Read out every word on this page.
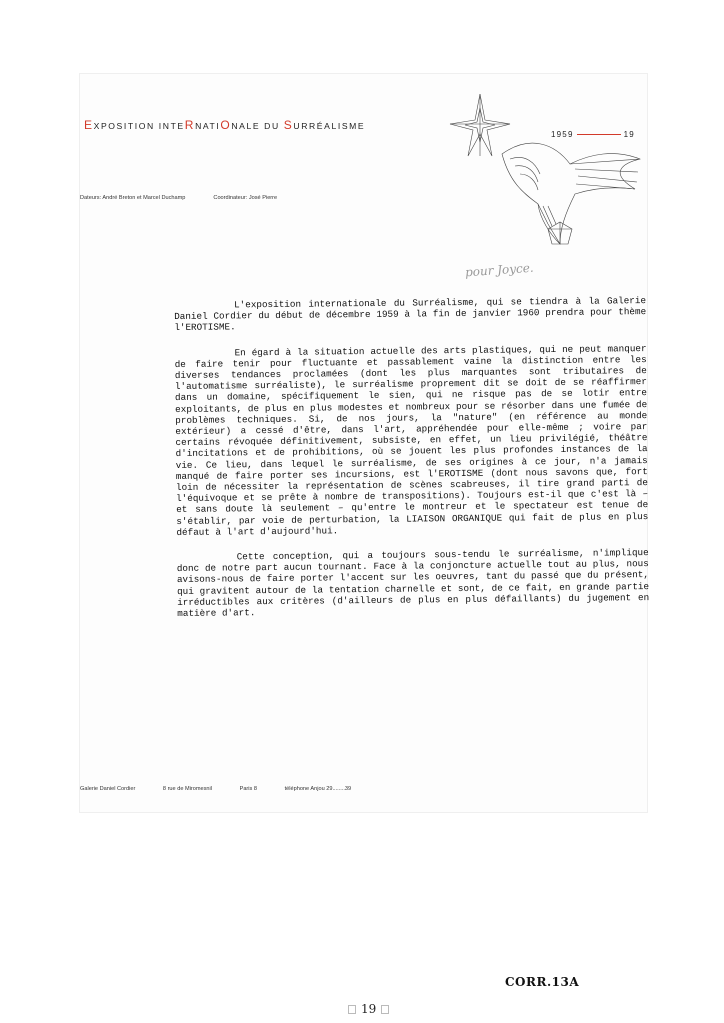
EXPOSITION INTERNATIONALE DU SURRÉALISME
1959	19
Dateurs: André Breton et Marcel Duchamp	Coordinateur: José Pierre
pour Joyce.

L'exposition internationale du Surréalisme, qui se tiendra à la Galerie Daniel Cordier du début de décembre 1959 à la fin de janvier 1960 prendra pour thème l'EROTISME.

En égard à la situation actuelle des arts plastiques, qui ne peut manquer de faire tenir pour fluctuante et passablement vaine la distinction entre les diverses tendances proclamées (dont les plus marquantes sont tributaires de l'automatisme surréaliste), le surréalisme proprement dit se doit de se réaffirmer dans un domaine, spécifiquement le sien, qui ne risque pas de se lotir entre exploitants, de plus en plus modestes et nombreux pour se résorber dans une fumée de problèmes techniques. Si, de nos jours, la "nature" (en référence au monde extérieur) a cessé d'être, dans l'art, appréhendée pour elle-même ; voire par certains révoquée définitivement, subsiste, en effet, un lieu privilégié, théâtre d'incitations et de prohibitions, où se jouent les plus profondes instances de la vie. Ce lieu, dans lequel le surréalisme, de ses origines à ce jour, n'a jamais manqué de faire porter ses incursions, est l'EROTISME (dont nous savons que, fort loin de nécessiter la représentation de scènes scabreuses, il tire grand parti de l'équivoque et se prête à nombre de transpositions). Toujours est-il que c'est là – et sans doute là seulement – qu'entre le montreur et le spectateur est tenue de s'établir, par voie de perturbation, la LIAISON ORGANIQUE qui fait de plus en plus défaut à l'art d'aujourd'hui.

Cette conception, qui a toujours sous-tendu le surréalisme, n'implique donc de notre part aucun tournant. Face à la conjoncture actuelle tout au plus, nous avisons-nous de faire porter l'accent sur les oeuvres, tant du passé que du présent, qui gravitent autour de la tentation charnelle et sont, de ce fait, en grande partie irréductibles aux critères (d'ailleurs de plus en plus défaillants) du jugement en matière d'art.

Galerie Daniel Cordier	8 rue de Miromesnil	Paris 8	téléphone Anjou 29........39
CORR.13A
19
